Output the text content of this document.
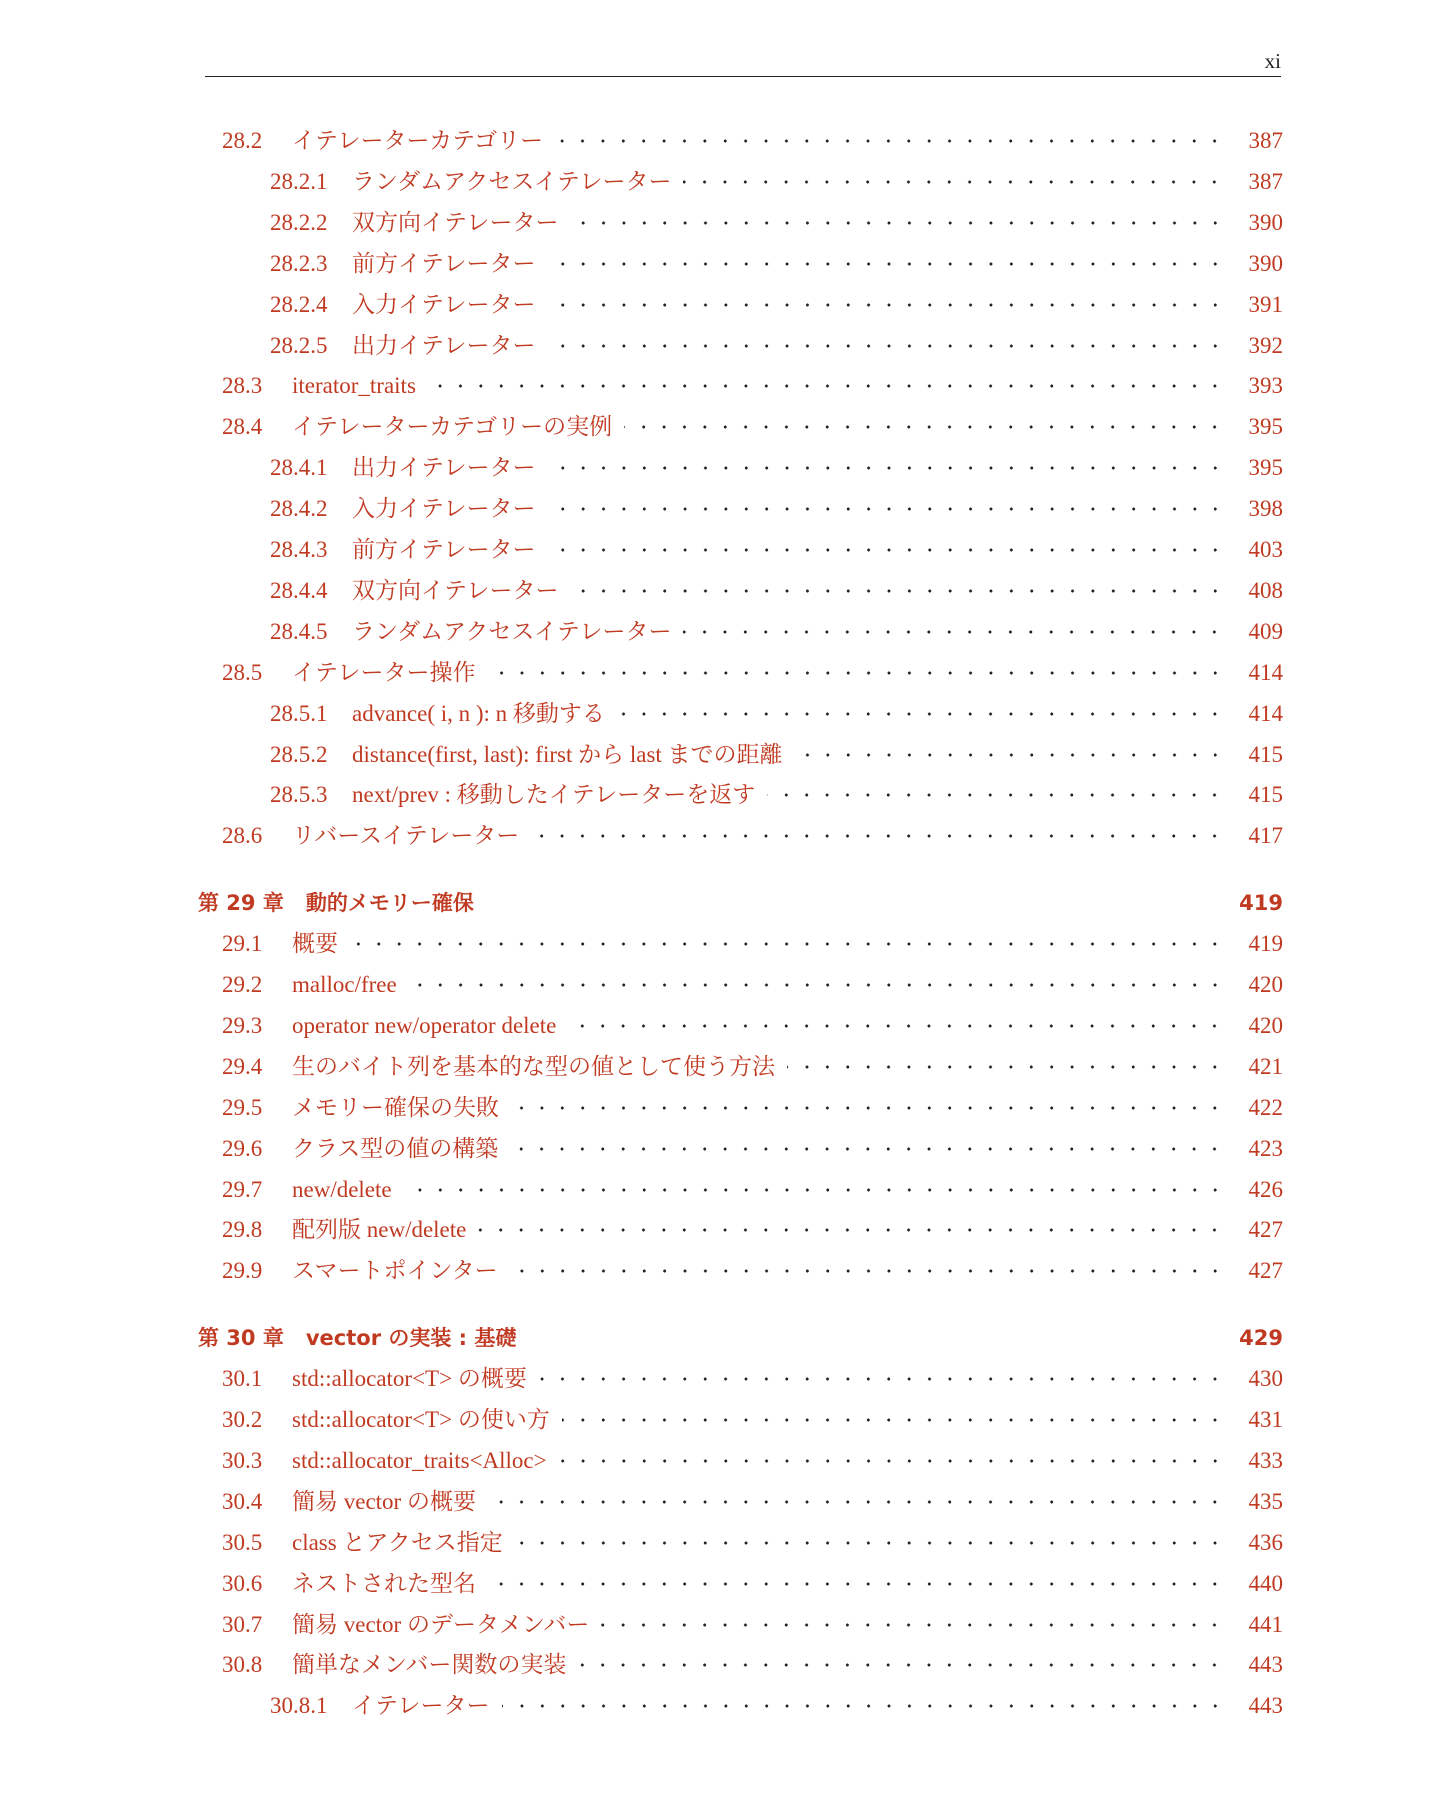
xi
28.2	イテレーターカテゴリー	387
28.2.1	ランダムアクセスイテレーター	387
28.2.2	双方向イテレーター	390
28.2.3	前方イテレーター	390
28.2.4	入力イテレーター	391
28.2.5	出力イテレーター	392
28.3	iterator_traits	393
28.4	イテレーターカテゴリーの実例	395
28.4.1	出力イテレーター	395
28.4.2	入力イテレーター	398
28.4.3	前方イテレーター	403
28.4.4	双方向イテレーター	408
28.4.5	ランダムアクセスイテレーター	409
28.5	イテレーター操作	414
28.5.1	advance( i, n ): n 移動する	414
28.5.2	distance(first, last): first から last までの距離	415
28.5.3	next/prev : 移動したイテレーターを返す	415
28.6	リバースイテレーター	417
第 29 章	動的メモリー確保	419
29.1	概要	419
29.2	malloc/free	420
29.3	operator new/operator delete	420
29.4	生のバイト列を基本的な型の値として使う方法	421
29.5	メモリー確保の失敗	422
29.6	クラス型の値の構築	423
29.7	new/delete	426
29.8	配列版 new/delete	427
29.9	スマートポインター	427
第 30 章	vector の実装 : 基礎	429
30.1	std::allocator<T> の概要	430
30.2	std::allocator<T> の使い方	431
30.3	std::allocator_traits<Alloc>	433
30.4	簡易 vector の概要	435
30.5	class とアクセス指定	436
30.6	ネストされた型名	440
30.7	簡易 vector のデータメンバー	441
30.8	簡単なメンバー関数の実装	443
30.8.1	イテレーター	443
